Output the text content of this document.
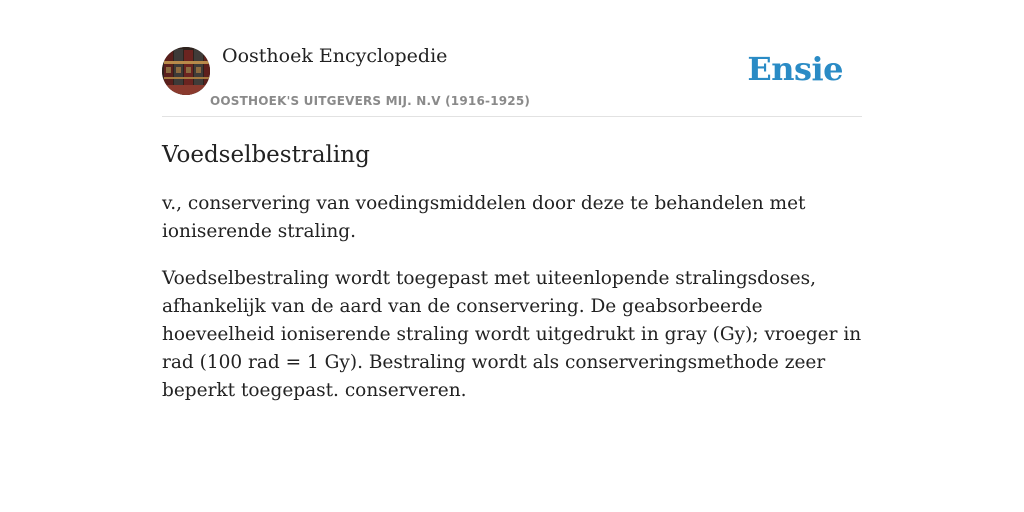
Oosthoek Encyclopedie
OOSTHOEK'S UITGEVERS MIJ. N.V (1916-1925)
Ensie
Voedselbestraling

v., conservering van voedingsmiddelen door deze te behandelen met ioniserende straling.

Voedselbestraling wordt toegepast met uiteenlopende stralingsdoses, afhankelijk van de aard van de conservering. De geabsorbeerde hoeveelheid ioniserende straling wordt uitgedrukt in gray (Gy); vroeger in rad (100 rad = 1 Gy). Bestraling wordt als conserveringsmethode zeer beperkt toegepast. conserveren.
